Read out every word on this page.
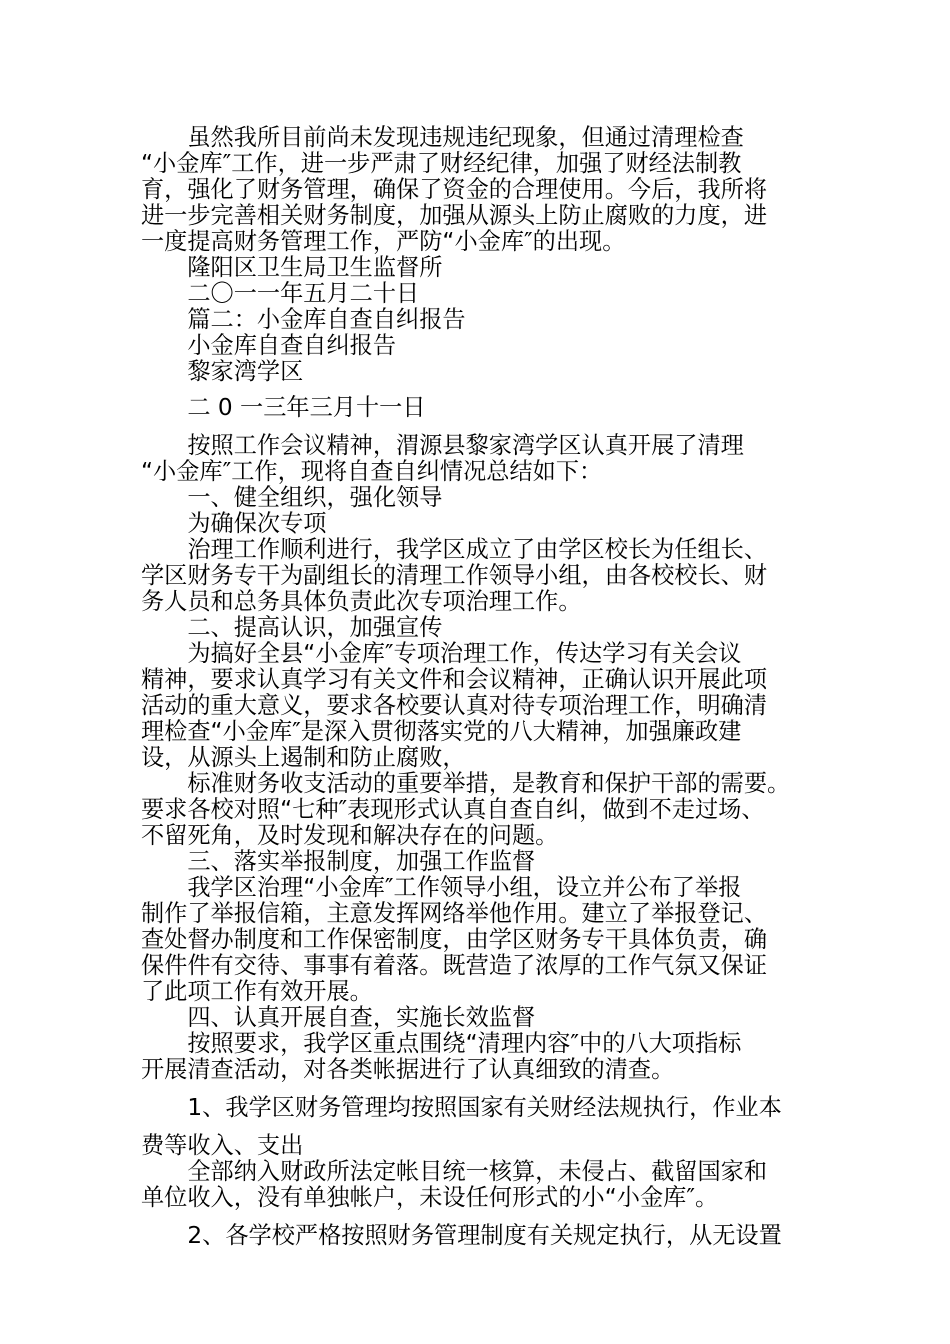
　　虽然我所目前尚未发现违规违纪现象，但通过清理检查
“小金库″工作，进一步严肃了财经纪律，加强了财经法制教
育，强化了财务管理，确保了资金的合理使用。今后，我所将
进一步完善相关财务制度，加强从源头上防止腐败的力度，进
一度提高财务管理工作，严防“小金库″的出现。
　　隆阳区卫生局卫生监督所
　　二〇一一年五月二十日
　　篇二：小金库自查自纠报告
　　小金库自查自纠报告
　　黎家湾学区
　　二 0 一三年三月十一日
　　按照工作会议精神，渭源县黎家湾学区认真开展了清理
“小金库″工作，现将自查自纠情况总结如下：
　　一、健全组织，强化领导
　　为确保次专项
　　治理工作顺利进行，我学区成立了由学区校长为任组长、
学区财务专干为副组长的清理工作领导小组，由各校校长、财
务人员和总务具体负责此次专项治理工作。
　　二、提高认识，加强宣传
　　为搞好全县“小金库″专项治理工作，传达学习有关会议
精神，要求认真学习有关文件和会议精神，正确认识开展此项
活动的重大意义，要求各校要认真对待专项治理工作，明确清
理检查“小金库″是深入贯彻落实党的八大精神，加强廉政建
设，从源头上遏制和防止腐败，
　　标准财务收支活动的重要举措，是教育和保护干部的需要。
要求各校对照“七种″表现形式认真自查自纠，做到不走过场、
不留死角，及时发现和解决存在的问题。
　　三、落实举报制度，加强工作监督
　　我学区治理“小金库″工作领导小组，设立并公布了举报
制作了举报信箱，主意发挥网络举他作用。建立了举报登记、
查处督办制度和工作保密制度，由学区财务专干具体负责，确
保件件有交待、事事有着落。既营造了浓厚的工作气氛又保证
了此项工作有效开展。
　　四、认真开展自查，实施长效监督
　　按照要求，我学区重点围绕“清理内容″中的八大项指标
开展清查活动，对各类帐据进行了认真细致的清查。
　　1、我学区财务管理均按照国家有关财经法规执行，作业本
费等收入、支出
　　全部纳入财政所法定帐目统一核算，未侵占、截留国家和
单位收入，没有单独帐户，未设任何形式的小“小金库″。
　　2、各学校严格按照财务管理制度有关规定执行，从无设置
